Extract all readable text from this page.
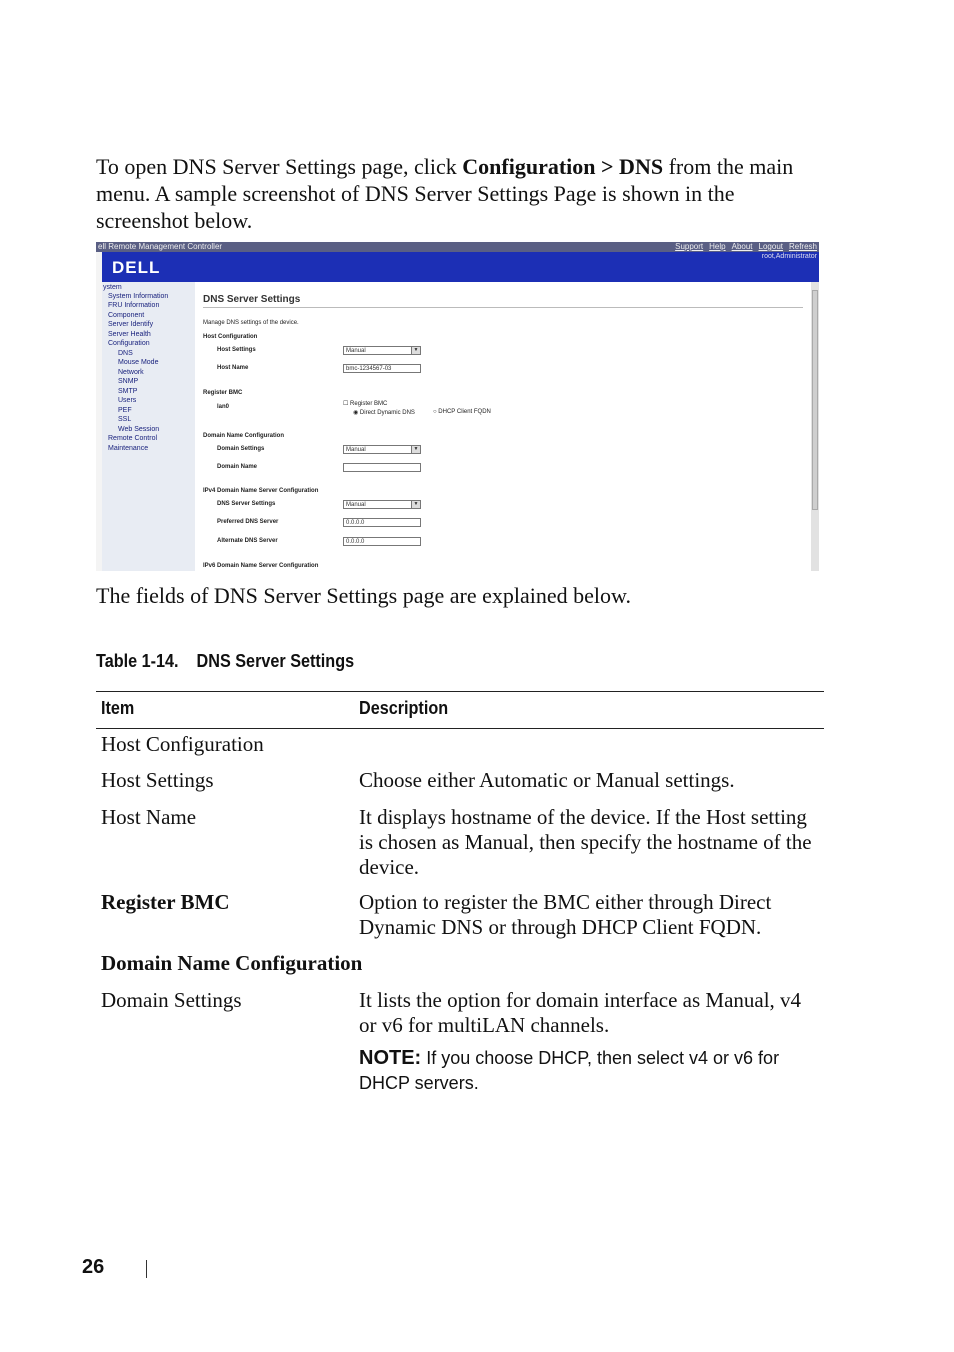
To open DNS Server Settings page, click Configuration > DNS from the main menu. A sample screenshot of DNS Server Settings Page is shown in the screenshot below.
ell Remote Management Controller	Support Help About Logout Refresh
DELL
root,Administrator
ystem
System Information
FRU Information
Component
Server Identify
Server Health
Configuration
DNS
Mouse Mode
Network
SNMP
SMTP
Users
PEF
SSL
Web Session
Remote Control
Maintenance
DNS Server Settings
Manage DNS settings of the device.
Host Configuration
Host Settings	Manual ▼
Host Name	bmc-1234567-03
Register BMC
lan0	☐ Register BMC
◉ Direct Dynamic DNS	○ DHCP Client FQDN
Domain Name Configuration
Domain Settings	Manual ▼
Domain Name
IPv4 Domain Name Server Configuration
DNS Server Settings	Manual ▼
Preferred DNS Server	0.0.0.0
Alternate DNS Server	0.0.0.0
IPv6 Domain Name Server Configuration
The fields of DNS Server Settings page are explained below.
Table 1-14. DNS Server Settings
Item	Description
Host Configuration
Host Settings	Choose either Automatic or Manual settings.
Host Name	It displays hostname of the device. If the Host setting is chosen as Manual, then specify the hostname of the device.
Register BMC	Option to register the BMC either through Direct Dynamic DNS or through DHCP Client FQDN.
Domain Name Configuration
Domain Settings	It lists the option for domain interface as Manual, v4 or v6 for multiLAN channels.
NOTE: If you choose DHCP, then select v4 or v6 for DHCP servers.
26
